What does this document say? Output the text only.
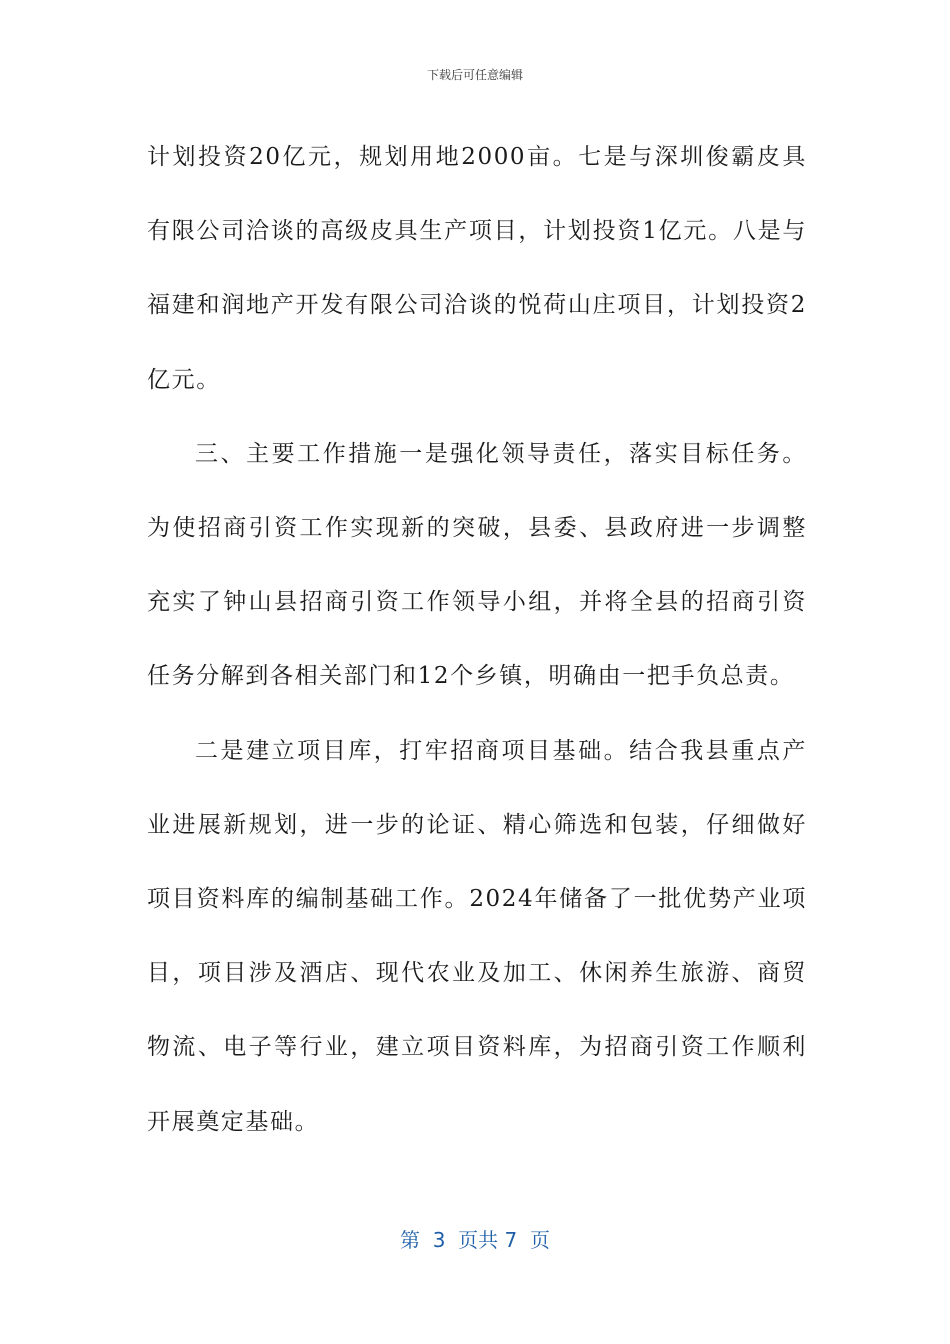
下载后可任意编辑

计划投资20亿元，规划用地2000亩。七是与深圳俊霸皮具有限公司洽谈的高级皮具生产项目，计划投资1亿元。八是与福建和润地产开发有限公司洽谈的悦荷山庄项目，计划投资2亿元。

三、主要工作措施一是强化领导责任，落实目标任务。为使招商引资工作实现新的突破，县委、县政府进一步调整充实了钟山县招商引资工作领导小组，并将全县的招商引资任务分解到各相关部门和12个乡镇，明确由一把手负总责。

二是建立项目库，打牢招商项目基础。结合我县重点产业进展新规划，进一步的论证、精心筛选和包装，仔细做好项目资料库的编制基础工作。2024年储备了一批优势产业项目，项目涉及酒店、现代农业及加工、休闲养生旅游、商贸物流、电子等行业，建立项目资料库，为招商引资工作顺利开展奠定基础。

第  3  页共 7  页
